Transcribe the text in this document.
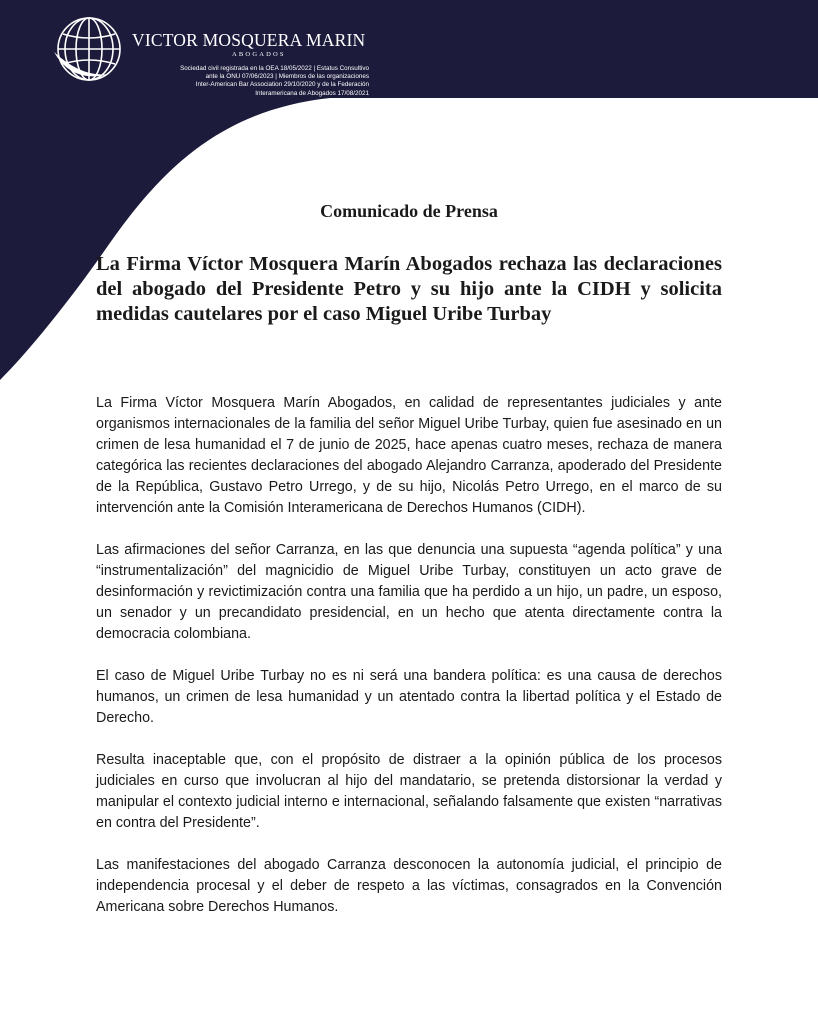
VICTOR MOSQUERA MARIN
ABOGADOS
Sociedad civil registrada en la OEA 18/05/2022 | Estatus Consultivo
ante la ONU 07/06/2023 | Miembros de las organizaciones
Inter-American Bar Association 29/10/2020 y de la Federación
Interamericana de Abogados 17/08/2021
Comunicado de Prensa
La Firma Víctor Mosquera Marín Abogados rechaza las declaraciones del abogado del Presidente Petro y su hijo ante la CIDH y solicita medidas cautelares por el caso Miguel Uribe Turbay

La Firma Víctor Mosquera Marín Abogados, en calidad de representantes judiciales y ante organismos internacionales de la familia del señor Miguel Uribe Turbay, quien fue asesinado en un crimen de lesa humanidad el 7 de junio de 2025, hace apenas cuatro meses, rechaza de manera categórica las recientes declaraciones del abogado Alejandro Carranza, apoderado del Presidente de la República, Gustavo Petro Urrego, y de su hijo, Nicolás Petro Urrego, en el marco de su intervención ante la Comisión Interamericana de Derechos Humanos (CIDH).

Las afirmaciones del señor Carranza, en las que denuncia una supuesta “agenda política” y una “instrumentalización” del magnicidio de Miguel Uribe Turbay, constituyen un acto grave de desinformación y revictimización contra una familia que ha perdido a un hijo, un padre, un esposo, un senador y un precandidato presidencial, en un hecho que atenta directamente contra la democracia colombiana.

El caso de Miguel Uribe Turbay no es ni será una bandera política: es una causa de derechos humanos, un crimen de lesa humanidad y un atentado contra la libertad política y el Estado de Derecho.

Resulta inaceptable que, con el propósito de distraer a la opinión pública de los procesos judiciales en curso que involucran al hijo del mandatario, se pretenda distorsionar la verdad y manipular el contexto judicial interno e internacional, señalando falsamente que existen “narrativas en contra del Presidente”.

Las manifestaciones del abogado Carranza desconocen la autonomía judicial, el principio de independencia procesal y el deber de respeto a las víctimas, consagrados en la Convención Americana sobre Derechos Humanos.
